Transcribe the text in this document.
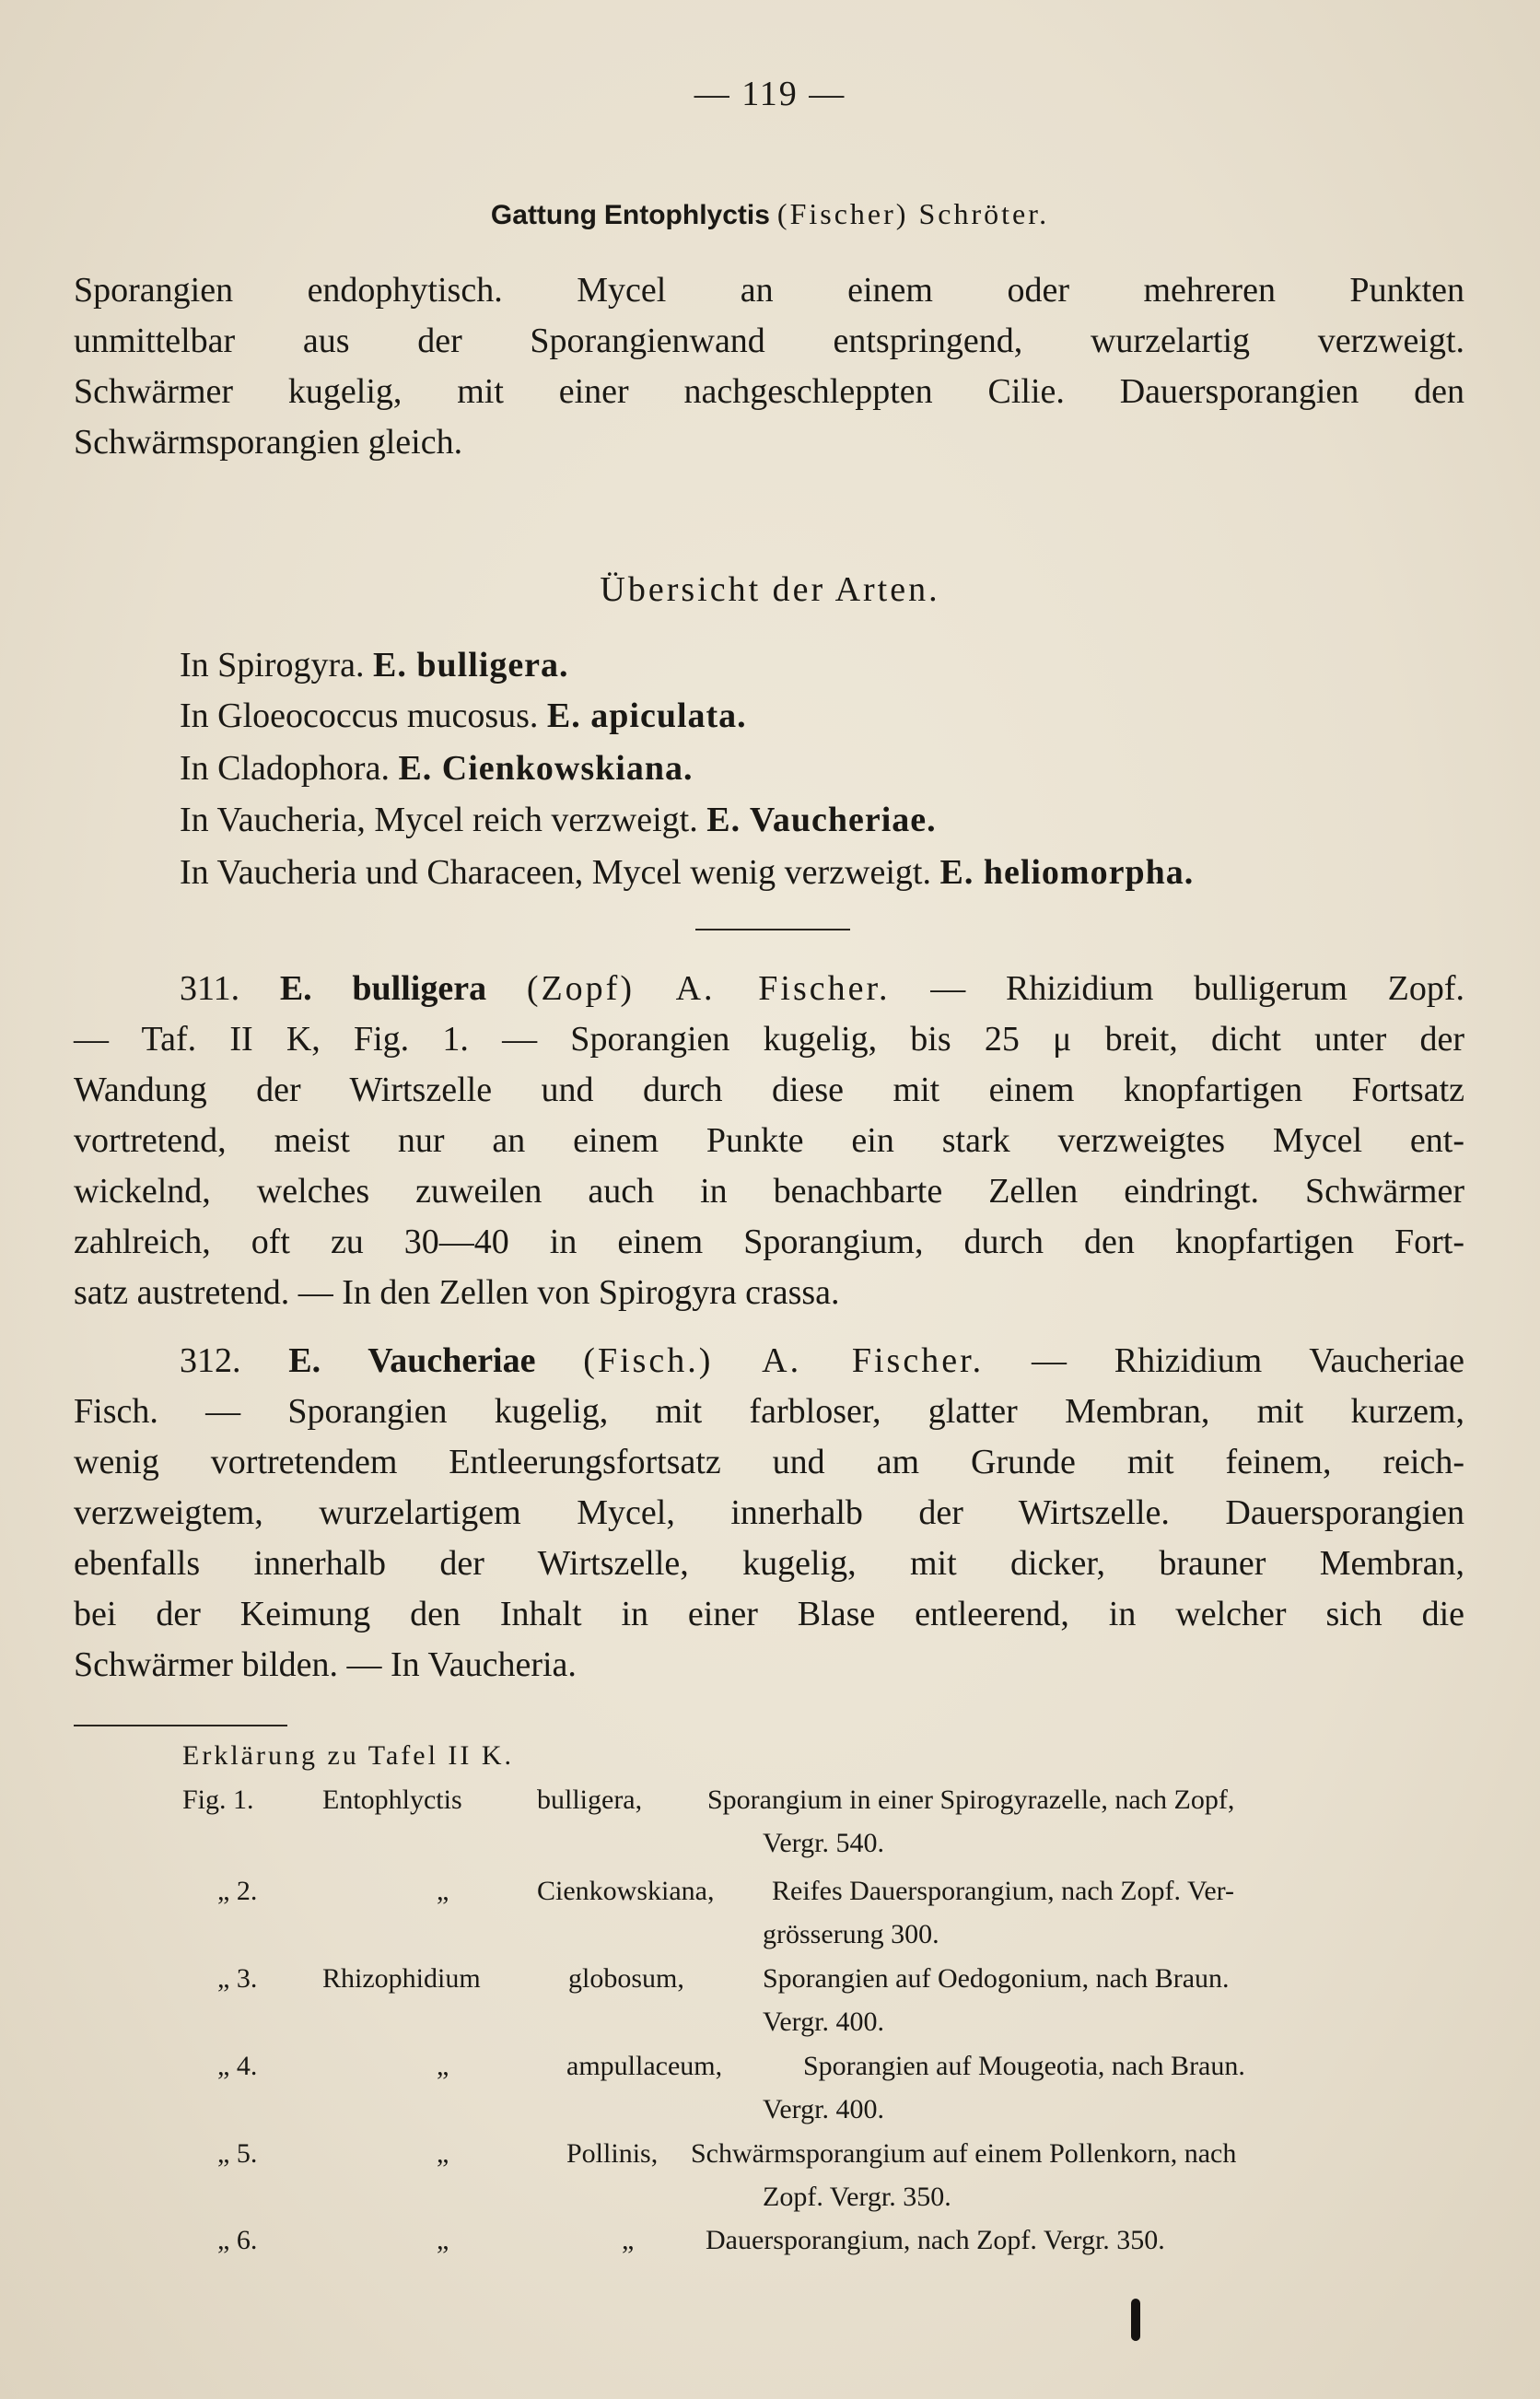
— 119 —
Gattung Entophlyctis (Fischer) Schröter.
Sporangien endophytisch. Mycel an einem oder mehreren Punkten
unmittelbar aus der Sporangienwand entspringend, wurzelartig verzweigt.
Schwärmer kugelig, mit einer nachgeschleppten Cilie. Dauersporangien den
Schwärmsporangien gleich.
Übersicht der Arten.
In Spirogyra. E. bulligera.
In Gloeococcus mucosus. E. apiculata.
In Cladophora. E. Cienkowskiana.
In Vaucheria, Mycel reich verzweigt. E. Vaucheriae.
In Vaucheria und Characeen, Mycel wenig verzweigt. E. heliomorpha.
311. E. bulligera (Zopf) A. Fischer. — Rhizidium bulligerum Zopf.
— Taf. II K, Fig. 1. — Sporangien kugelig, bis 25 μ breit, dicht unter der
Wandung der Wirtszelle und durch diese mit einem knopfartigen Fortsatz
vortretend, meist nur an einem Punkte ein stark verzweigtes Mycel ent-
wickelnd, welches zuweilen auch in benachbarte Zellen eindringt. Schwärmer
zahlreich, oft zu 30—40 in einem Sporangium, durch den knopfartigen Fort-
satz austretend. — In den Zellen von Spirogyra crassa.
312. E. Vaucheriae (Fisch.) A. Fischer. — Rhizidium Vaucheriae
Fisch. — Sporangien kugelig, mit farbloser, glatter Membran, mit kurzem,
wenig vortretendem Entleerungsfortsatz und am Grunde mit feinem, reich-
verzweigtem, wurzelartigem Mycel, innerhalb der Wirtszelle. Dauersporangien
ebenfalls innerhalb der Wirtszelle, kugelig, mit dicker, brauner Membran,
bei der Keimung den Inhalt in einer Blase entleerend, in welcher sich die
Schwärmer bilden. — In Vaucheria.
Erklärung zu Tafel II K.
Fig. 1. Entophlyctis	bulligera, Sporangium in einer Spirogyrazelle, nach Zopf,
Vergr. 540.
„ 2.	„	Cienkowskiana, Reifes Dauersporangium, nach Zopf. Ver-
grösserung 300.
„ 3. Rhizophidium	globosum,	Sporangien auf Oedogonium, nach Braun.
Vergr. 400.
„ 4.	„	ampullaceum,	Sporangien auf Mougeotia, nach Braun.
Vergr. 400.
„ 5.	„	Pollinis, Schwärmsporangium auf einem Pollenkorn, nach
Zopf. Vergr. 350.
„ 6.	„	„	Dauersporangium, nach Zopf. Vergr. 350.
